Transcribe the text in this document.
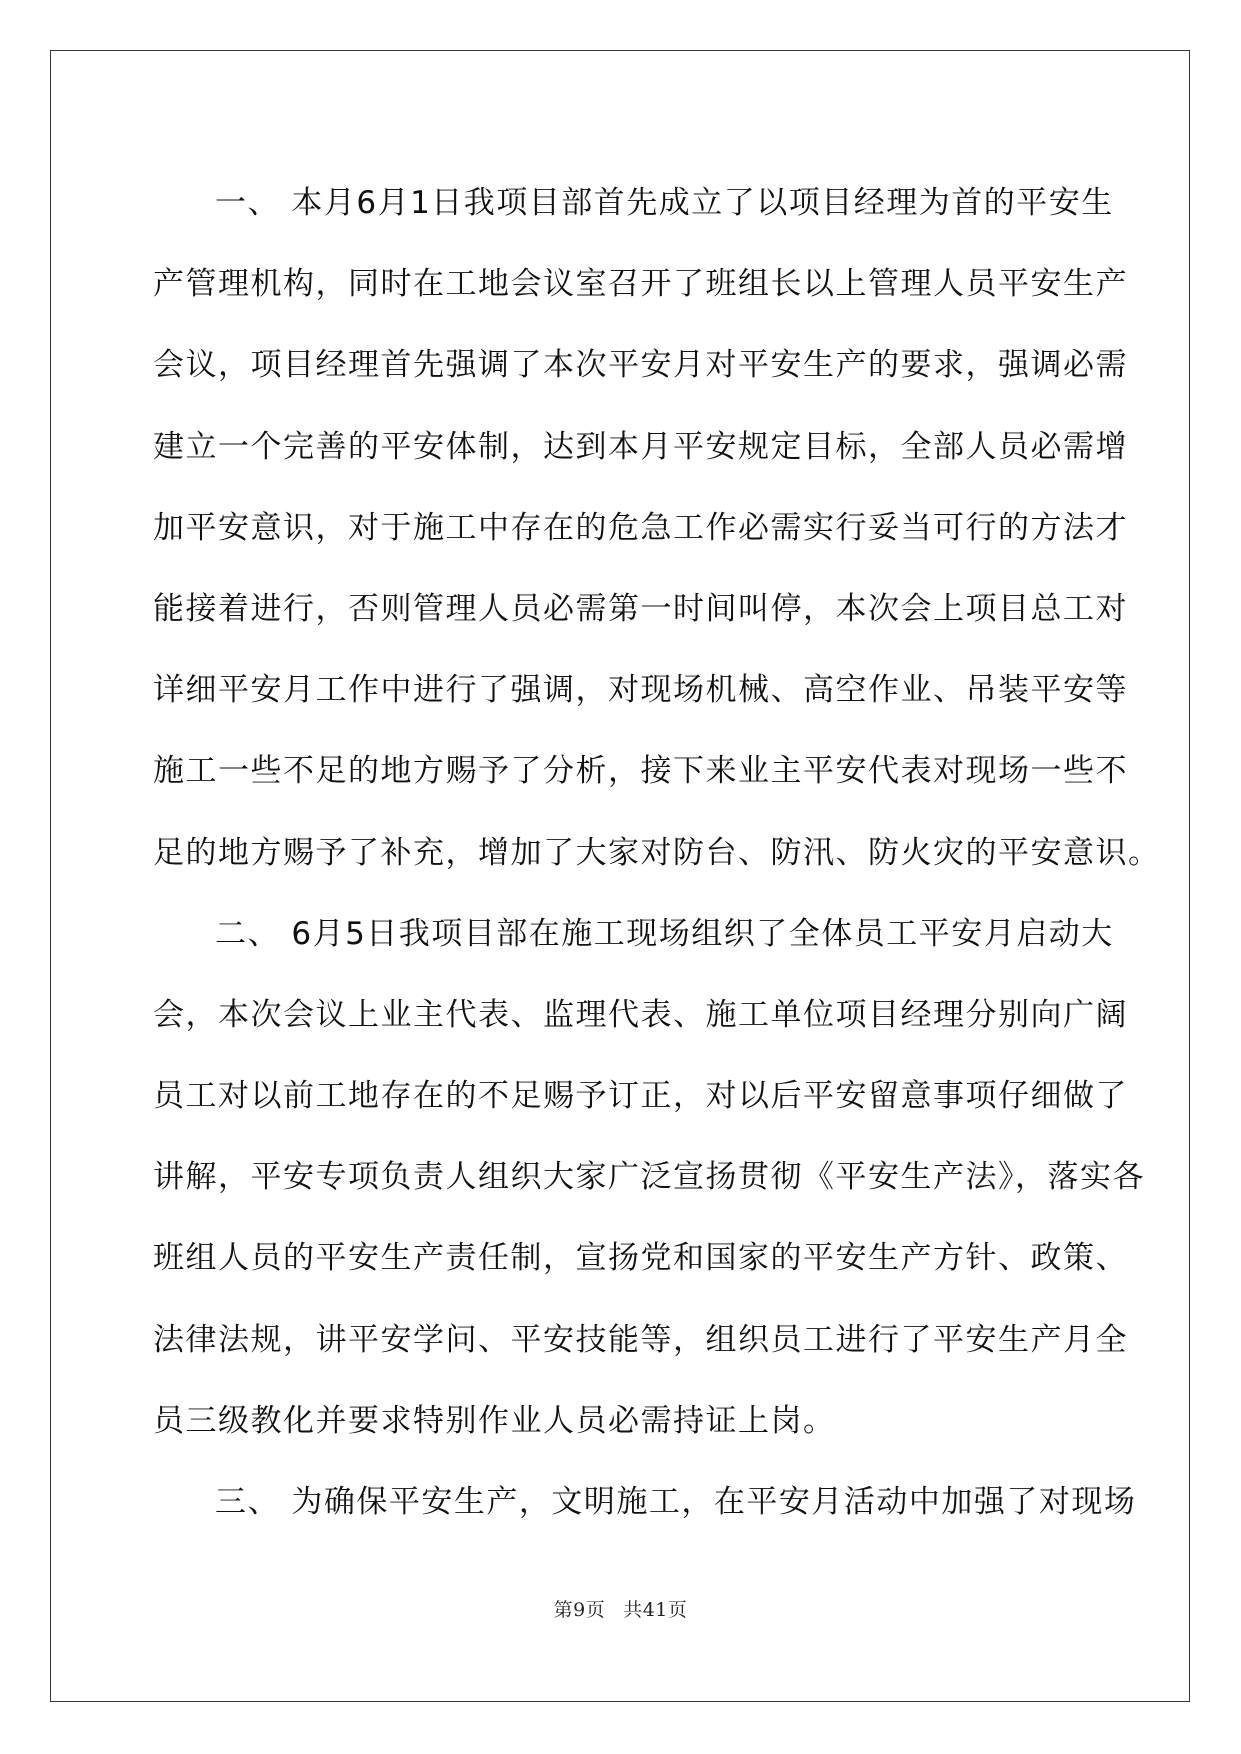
一、 本月6月1日我项目部首先成立了以项目经理为首的平安生
产管理机构，同时在工地会议室召开了班组长以上管理人员平安生产
会议，项目经理首先强调了本次平安月对平安生产的要求，强调必需
建立一个完善的平安体制，达到本月平安规定目标，全部人员必需增
加平安意识，对于施工中存在的危急工作必需实行妥当可行的方法才
能接着进行，否则管理人员必需第一时间叫停，本次会上项目总工对
详细平安月工作中进行了强调，对现场机械、高空作业、吊装平安等
施工一些不足的地方赐予了分析，接下来业主平安代表对现场一些不
足的地方赐予了补充，增加了大家对防台、防汛、防火灾的平安意识。
二、 6月5日我项目部在施工现场组织了全体员工平安月启动大
会，本次会议上业主代表、监理代表、施工单位项目经理分别向广阔
员工对以前工地存在的不足赐予订正，对以后平安留意事项仔细做了
讲解，平安专项负责人组织大家广泛宣扬贯彻《平安生产法》，落实各
班组人员的平安生产责任制，宣扬党和国家的平安生产方针、政策、
法律法规，讲平安学问、平安技能等，组织员工进行了平安生产月全
员三级教化并要求特别作业人员必需持证上岗。
三、 为确保平安生产，文明施工，在平安月活动中加强了对现场
第9页 共41页
